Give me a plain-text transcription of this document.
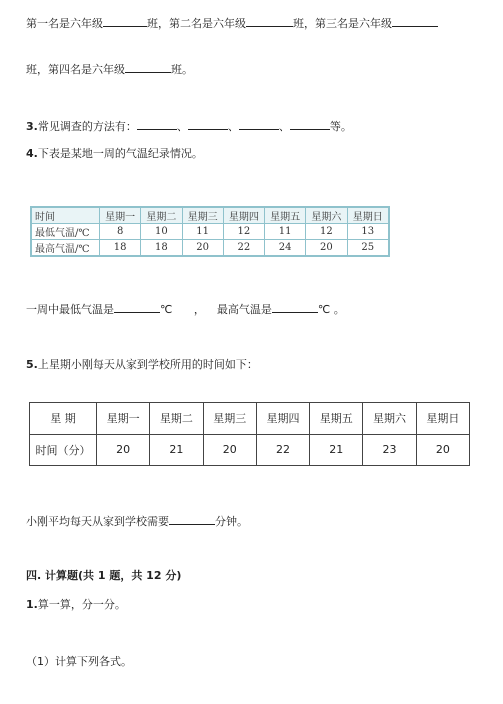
第一名是六年级	班，第二名是六年级	班，第三名是六年级
班，第四名是六年级	班。
3.常见调查的方法有：	、	、	、	等。
4.下表是某地一周的气温纪录情况。
时间	星期一	星期二	星期三	星期四	星期五	星期六	星期日
最低气温/℃	8	10	11	12	11	12	13
最高气温/℃	18	18	20	22	24	20	25
一周中最低气温是	℃ ， 最高气温是	℃ 。
5.上星期小刚每天从家到学校所用的时间如下：
星 期	星期一	星期二	星期三	星期四	星期五	星期六	星期日
时间（分）	20	21	20	22	21	23	20
小刚平均每天从家到学校需要	分钟。
四. 计算题(共 1 题，共 12 分)
1.算一算，分一分。
（1）计算下列各式。
